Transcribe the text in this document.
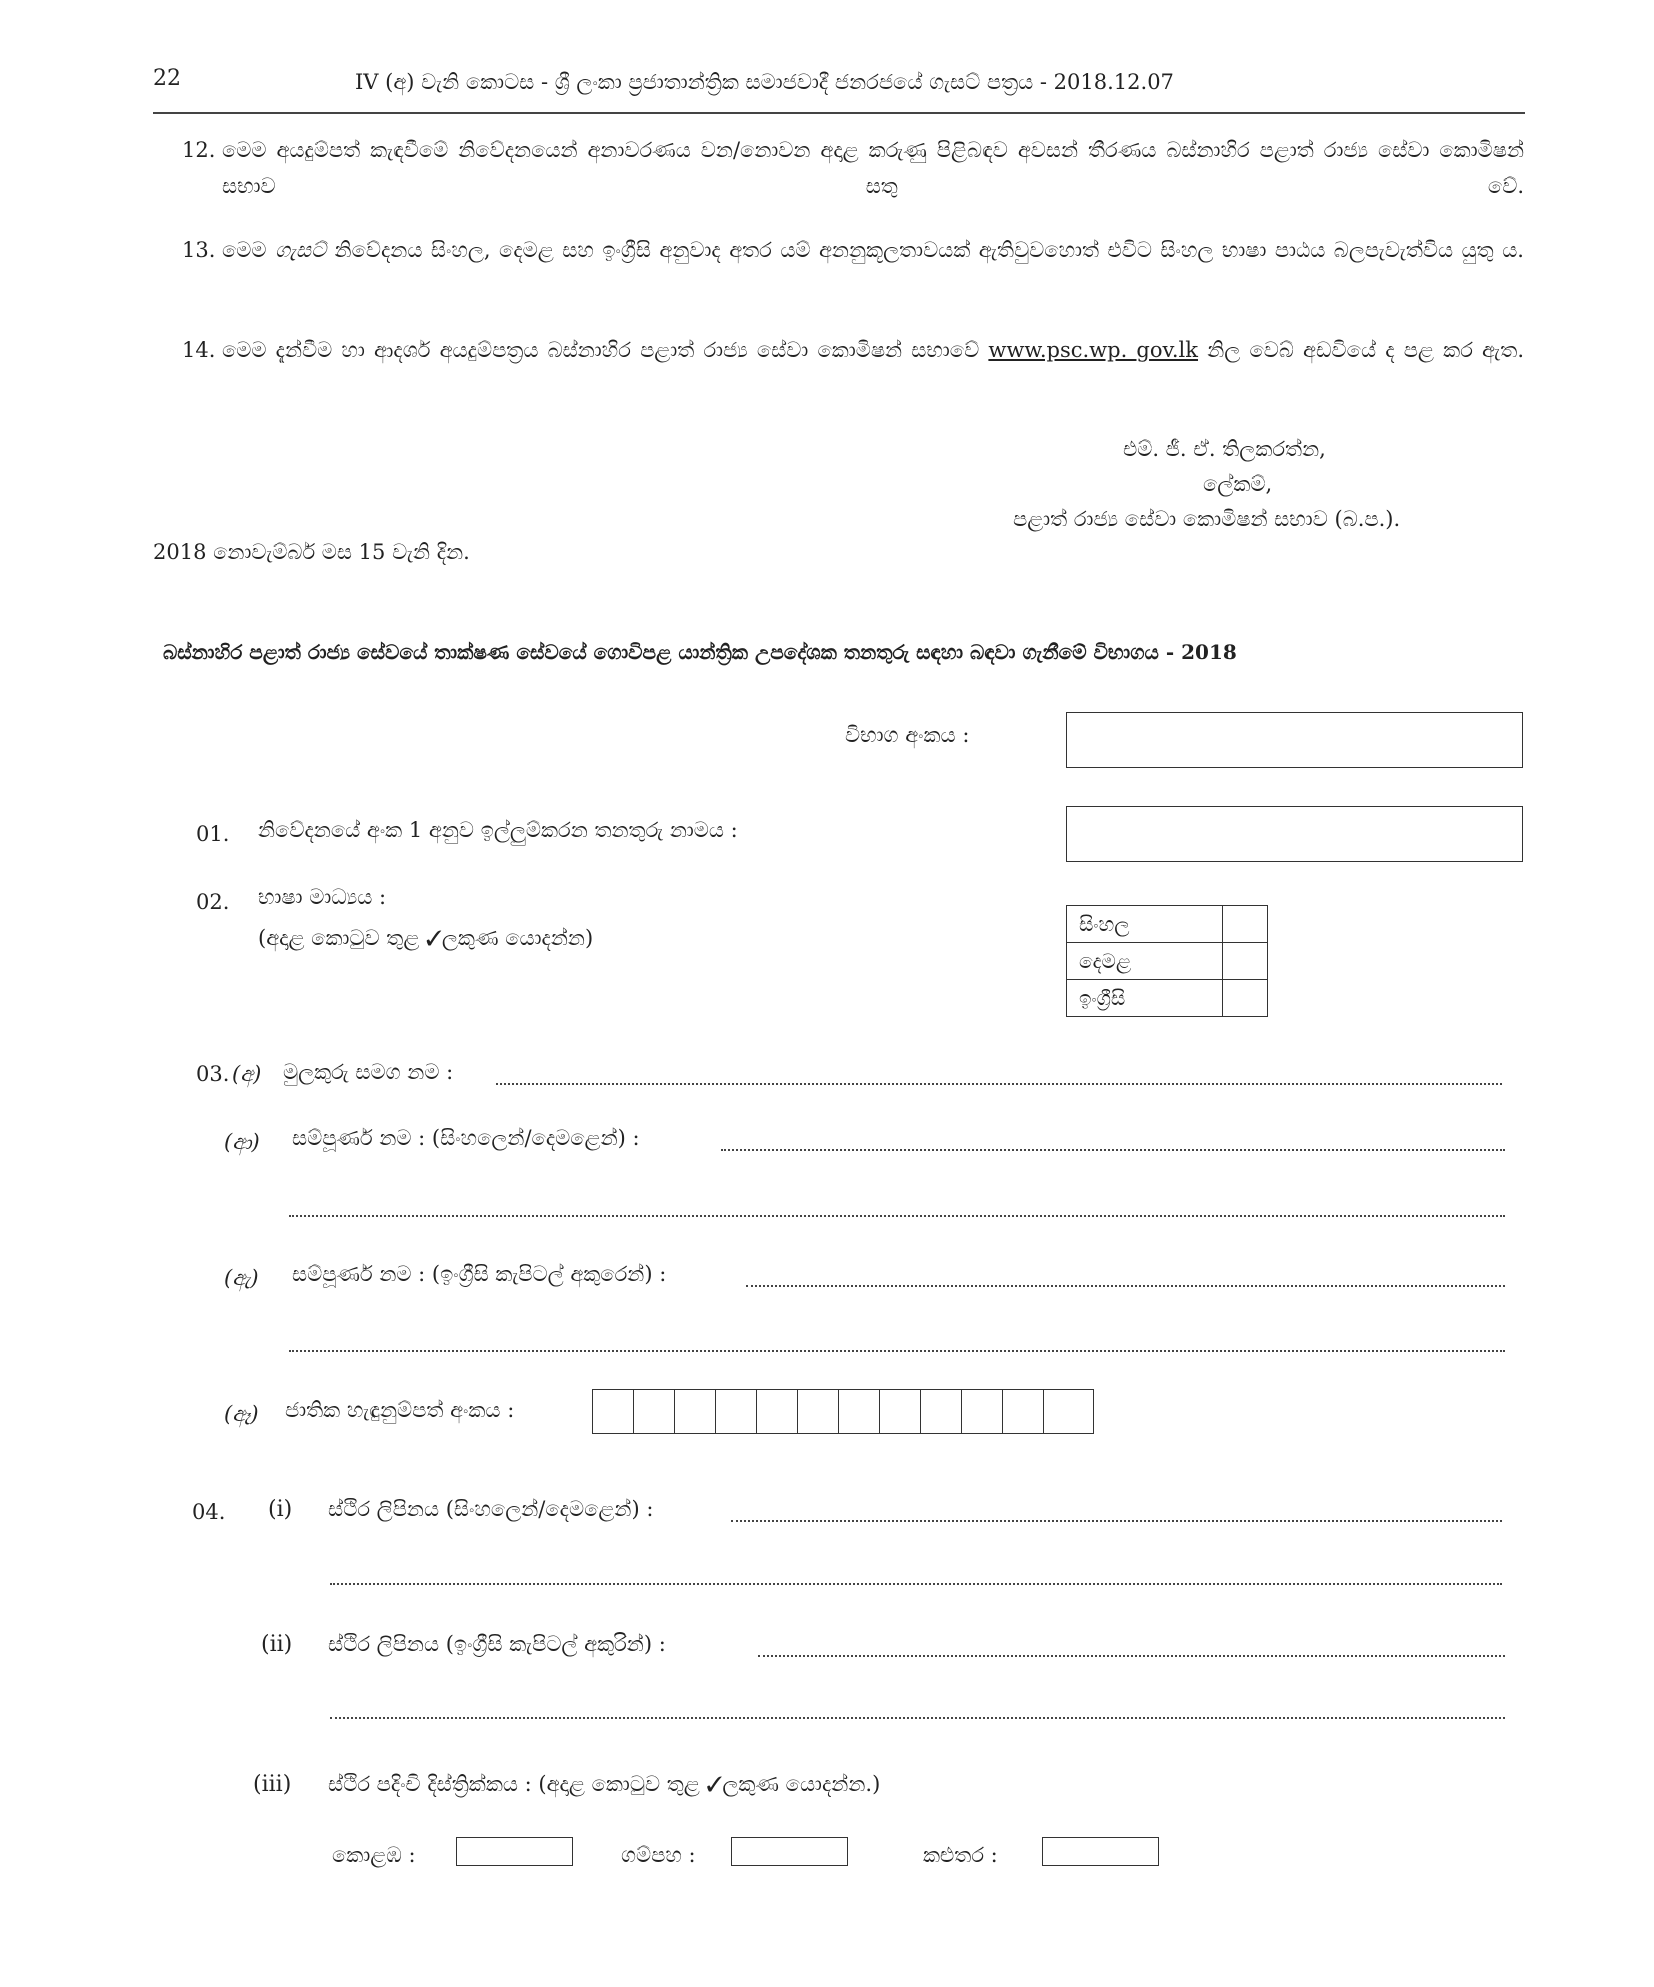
22	IV (අ) වැනි කොටස - ශ්‍රී ලංකා ප්‍රජාතාන්ත්‍රික සමාජවාදී ජනරජයේ ගැසට් පත්‍රය - 2018.12.07
12. මෙම අයදුම්පත් කැඳවීමේ නිවේදනයෙන් අනාවරණය වන/නොවන අදාළ කරුණු පිළිබඳව අවසන් තීරණය බස්නාහිර පළාත් රාජ්‍ය සේවා කොමිෂන් සභාව සතු වේ.
13. මෙම ගැසට් නිවේදනය සිංහල, දෙමළ සහ ඉංග්‍රීසි අනුවාද අතර යම් අනනුකූලතාවයක් ඇතිවුවහොත් එවිට සිංහල භාෂා පාඨය බලපැවැත්විය යුතු ය.
14. මෙම දැන්වීම හා ආදර්ශ අයදුම්පත්‍රය බස්නාහිර පළාත් රාජ්‍ය සේවා කොමිෂන් සභාවේ www.psc.wp. gov.lk නිල වෙබ් අඩවියේ ද පළ කර ඇත.
එම්. ජී. ඒ. තිලකරත්න,
ලේකම්,
පළාත් රාජ්‍ය සේවා කොමිෂන් සභාව (බ.ප.).
2018 නොවැම්බර් මස 15 වැනි දින.
බස්නාහිර පළාත් රාජ්‍ය සේවයේ තාක්ෂණ සේවයේ ගොවිපළ යාන්ත්‍රික උපදේශක තනතුරු සඳහා බඳවා ගැනීමේ විභාගය - 2018
විභාග අංකය :
01. නිවේදනයේ අංක 1 අනුව ඉල්ලුම්කරන තනතුරු නාමය :
02. භාෂා මාධ්‍යය :
(අදාළ කොටුව තුළ ✓ලකුණ යොදන්න)
සිංහල	
දෙමළ	
ඉංග්‍රීසි	
03. (අ) මුලකුරු සමග නම :
(ආ) සම්පූර්ණ නම : (සිංහලෙන්/දෙමළෙන්) :
(ඇ) සම්පූර්ණ නම : (ඉංග්‍රීසි කැපිටල් අකුරෙන්) :
(ඈ) ජාතික හැඳුනුම්පත් අංකය :
04. (i) ස්ථිර ලිපිනය (සිංහලෙන්/දෙමළෙන්) :
(ii) ස්ථිර ලිපිනය (ඉංග්‍රීසි කැපිටල් අකුරින්) :
(iii) ස්ථිර පදිංචි දිස්ත්‍රික්කය : (අදාළ කොටුව තුළ ✓ලකුණ යොදන්න.)
කොළඹ :	ගම්පහ :	කළුතර :
